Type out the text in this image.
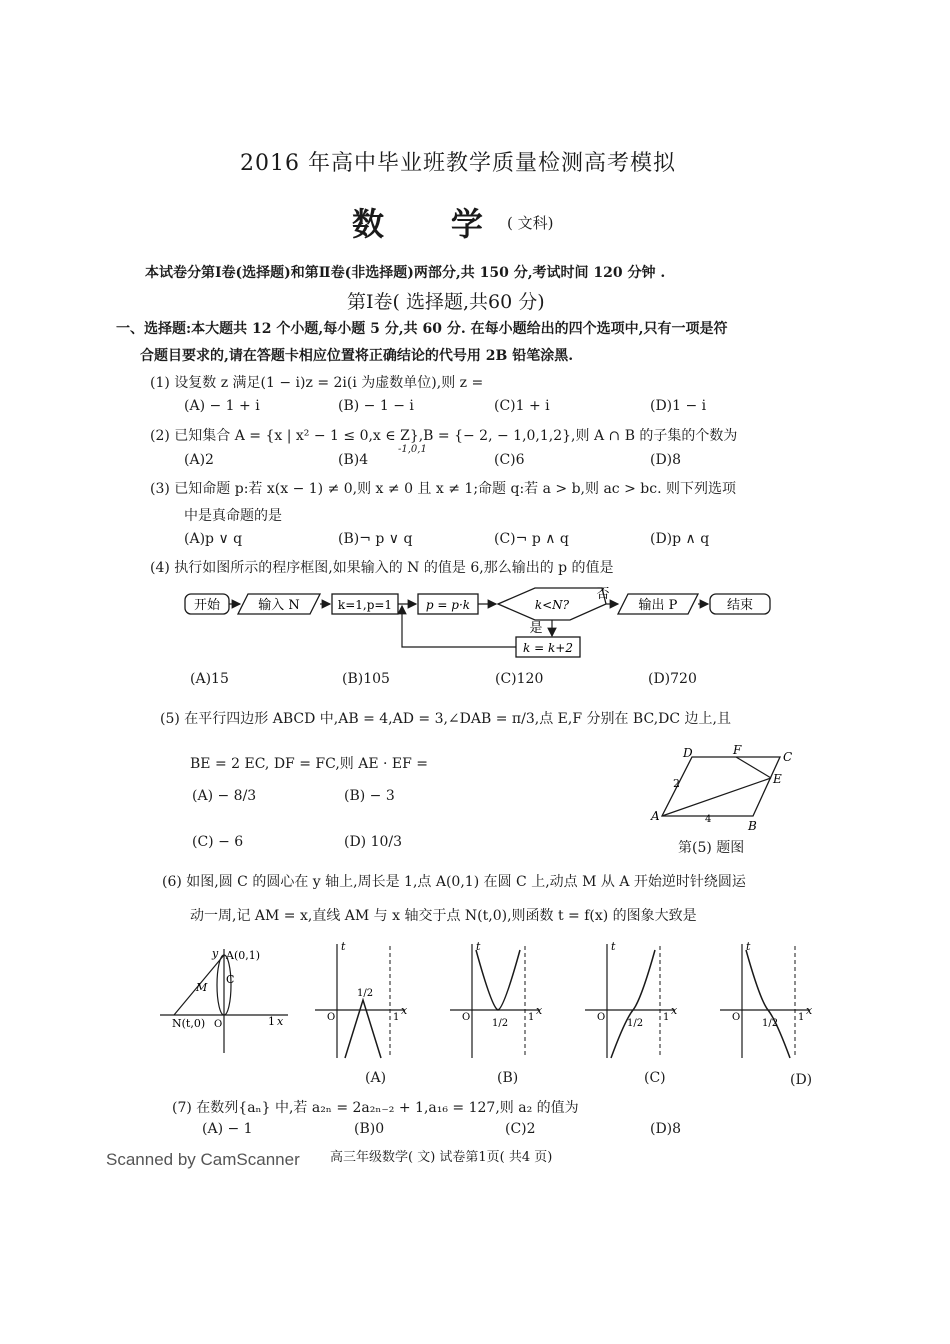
2016 年高中毕业班教学质量检测高考模拟
数      学 ( 文科)
本试卷分第Ⅰ卷(选择题)和第Ⅱ卷(非选择题)两部分,共 150 分,考试时间 120 分钟 .
第Ⅰ卷( 选择题,共60 分)
一、选择题:本大题共 12 个小题,每小题 5 分,共 60 分. 在每小题给出的四个选项中,只有一项是符
合题目要求的,请在答题卡相应位置将正确结论的代号用 2B 铅笔涂黑.
(1) 设复数 z 满足(1 − i)z = 2i(i 为虚数单位),则 z =
(A) − 1 + i	(B) − 1 − i	(C)1 + i	(D)1 − i
(2) 已知集合 A = {x | x² − 1 ≤ 0,x ∈ Z},B = {− 2, − 1,0,1,2},则 A ∩ B 的子集的个数为
(A)2	(B)4
-1,0,1
(C)6	(D)8
(3) 已知命题 p:若 x(x − 1) ≠ 0,则 x ≠ 0 且 x ≠ 1;命题 q:若 a > b,则 ac > bc. 则下列选项
中是真命题的是
(A)p ∨ q	(B)¬ p ∨ q	(C)¬ p ∧ q	(D)p ∧ q
(4) 执行如图所示的程序框图,如果输入的 N 的值是 6,那么输出的 p 的值是
开始	输入 N	k=1,p=1	p = p·k	k<N?
否
输出 P	结束
是
k = k+2
(A)15	(B)105	(C)120	(D)720
(5) 在平行四边形 ABCD 中,AB = 4,AD = 3,∠DAB = π/3,点 E,F 分别在 BC,DC 边上,且
BE = 2 EC, DF = FC,则 AE · EF =
(A) − 8/3	(B) − 3
(C) − 6	(D) 10/3
D	F	C
E
A
B
2
4
第(5) 题图
(6) 如图,圆 C 的圆心在 y 轴上,周长是 1,点 A(0,1) 在圆 C 上,动点 M 从 A 开始逆时针绕圆运
动一周,记 AM = x,直线 AM 与 x 轴交于点 N(t,0),则函数 t = f(x) 的图象大致是
y A(0,1)
C
M
N(t,0) O	1 x
t
O
1/2
1
x
(A)
t
O
1/2
1
x
(B)
t
O
1/2
1
x
(C)
t
O
1/2
1
x
(D)
(7) 在数列{aₙ} 中,若 a₂ₙ = 2a₂ₙ₋₂ + 1,a₁₆ = 127,则 a₂ 的值为
(A) − 1	(B)0	(C)2	(D)8
Scanned by CamScanner 高三年级数学( 文) 试卷第1页( 共4 页)
